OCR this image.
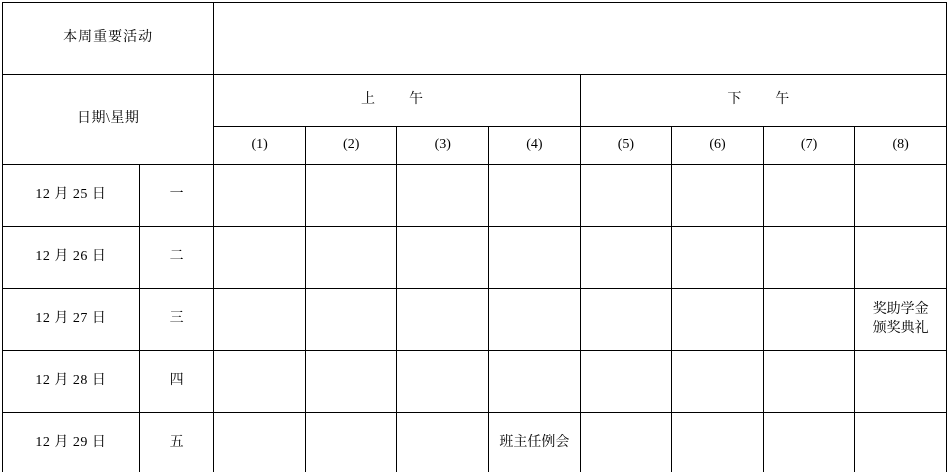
本周重要活动									
日期\星期		上　午				下　午			
		(1)	(2)	(3)	(4)	(5)	(6)	(7)	(8)
12 月 25 日	一								
12 月 26 日	二								
12 月 27 日	三								奖助学金
颁奖典礼
12 月 28 日	四								
12 月 29 日	五				班主任例会				
